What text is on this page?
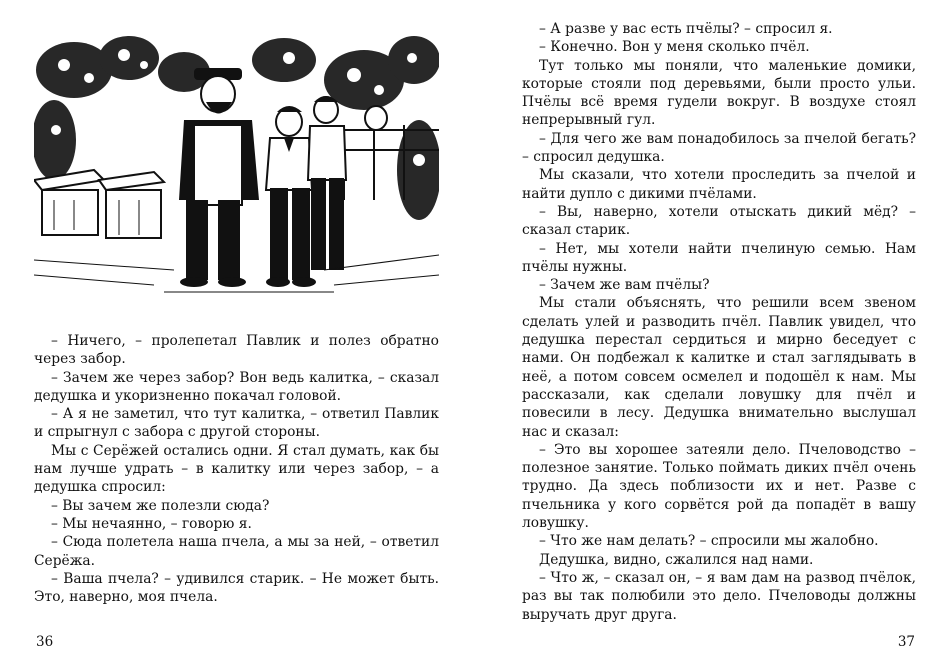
– Ничего, – пролепетал Павлик и полез обратно через забор.

– Зачем же через забор? Вон ведь калитка, – сказал дедушка и укоризненно покачал головой.

– А я не заметил, что тут калитка, – ответил Павлик и спрыгнул с забора с другой стороны.

Мы с Серёжей остались одни. Я стал думать, как бы нам лучше удрать – в калитку или через забор, – а дедушка спросил:

– Вы зачем же полезли сюда?

– Мы нечаянно, – говорю я.

– Сюда полетела наша пчела, а мы за ней, – ответил Серёжа.

– Ваша пчела? – удивился старик. – Не может быть. Это, наверно, моя пчела.

36

– А разве у вас есть пчёлы? – спросил я.

– Конечно. Вон у меня сколько пчёл.

Тут только мы поняли, что маленькие домики, которые стояли под деревьями, были просто ульи. Пчёлы всё время гудели вокруг. В воздухе стоял непрерывный гул.

– Для чего же вам понадобилось за пчелой бегать? – спросил дедушка.

Мы сказали, что хотели проследить за пчелой и найти дупло с дикими пчёлами.

– Вы, наверно, хотели отыскать дикий мёд? – сказал старик.

– Нет, мы хотели найти пчелиную семью. Нам пчёлы нужны.

– Зачем же вам пчёлы?

Мы стали объяснять, что решили всем звеном сделать улей и разводить пчёл. Павлик увидел, что дедушка перестал сердиться и мирно беседует с нами. Он подбежал к калитке и стал заглядывать в неё, а потом совсем осмелел и подошёл к нам. Мы рассказали, как сделали ловушку для пчёл и повесили в лесу. Дедушка внимательно выслушал нас и сказал:

– Это вы хорошее затеяли дело. Пчеловодство – полезное занятие. Только поймать диких пчёл очень трудно. Да здесь поблизости их и нет. Разве с пчельника у кого сорвётся рой да попадёт в вашу ловушку.

– Что же нам делать? – спросили мы жалобно.

Дедушка, видно, сжалился над нами.

– Что ж, – сказал он, – я вам дам на развод пчёлок, раз вы так полюбили это дело. Пчеловоды должны выручать друг друга.

37
